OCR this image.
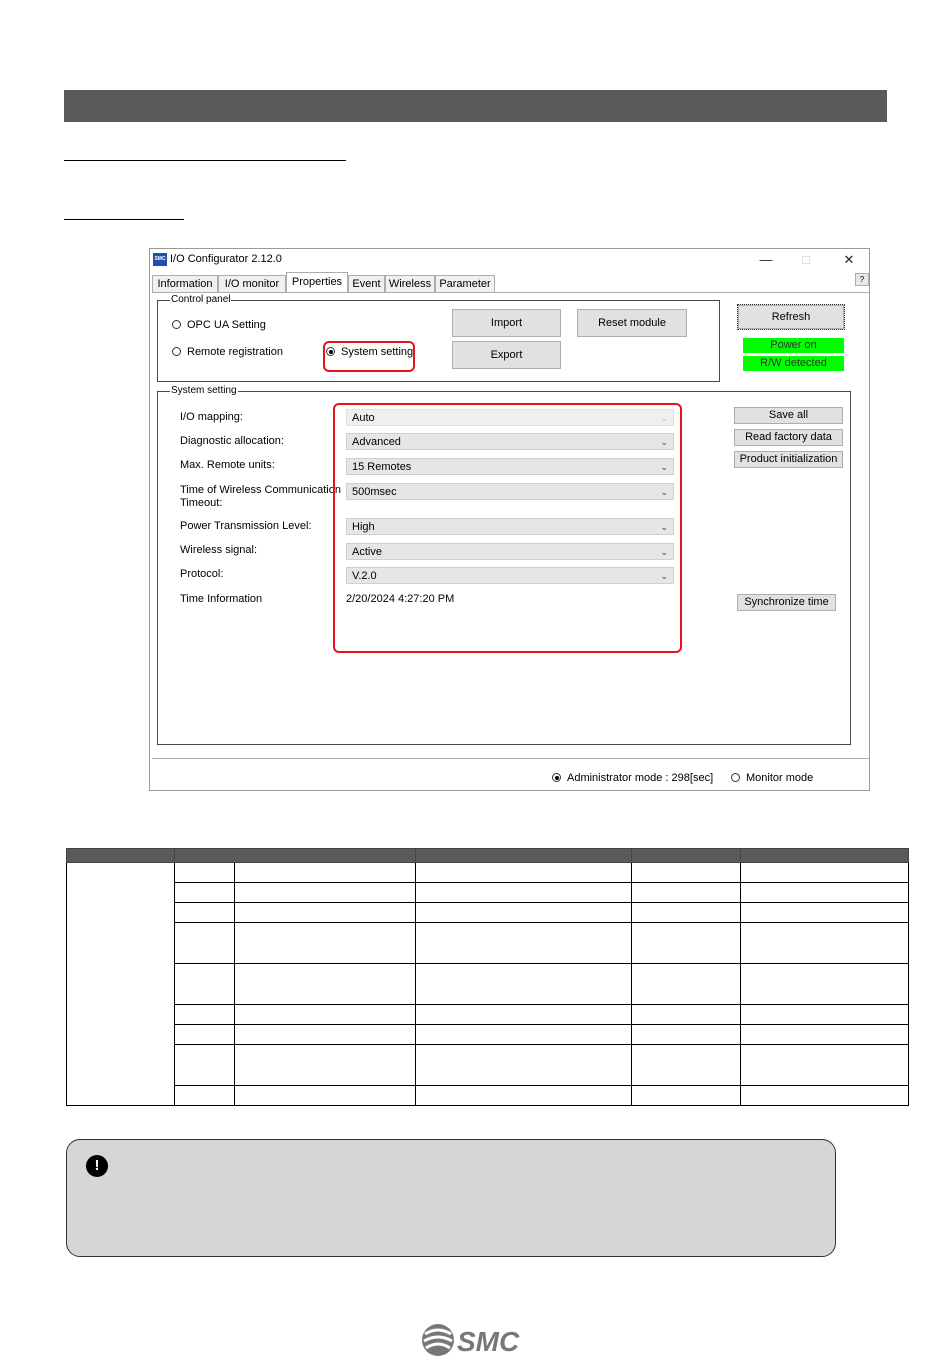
SMC I/O Configurator 2.12.0	—	□	✕
Information	I/O monitor	Properties Event Wireless Parameter	?
Control panel
OPC UA Setting
Remote registration	System setting
Import
Export
Reset module	Refresh
Power on
R/W detected
System setting
I/O mapping:	Auto	⌄
Diagnostic allocation:	Advanced	⌄
Max. Remote units:	15 Remotes	⌄
Time of Wireless Communication Timeout:
500msec	⌄
Power Transmission Level:	High	⌄
Wireless signal:	Active	⌄
Protocol:	V.2.0	⌄
Time Information	2/20/2024 4:27:20 PM
Save all
Read factory data
Product initialization
Synchronize time
Administrator mode : 298[sec]	Monitor mode

!
SMC
